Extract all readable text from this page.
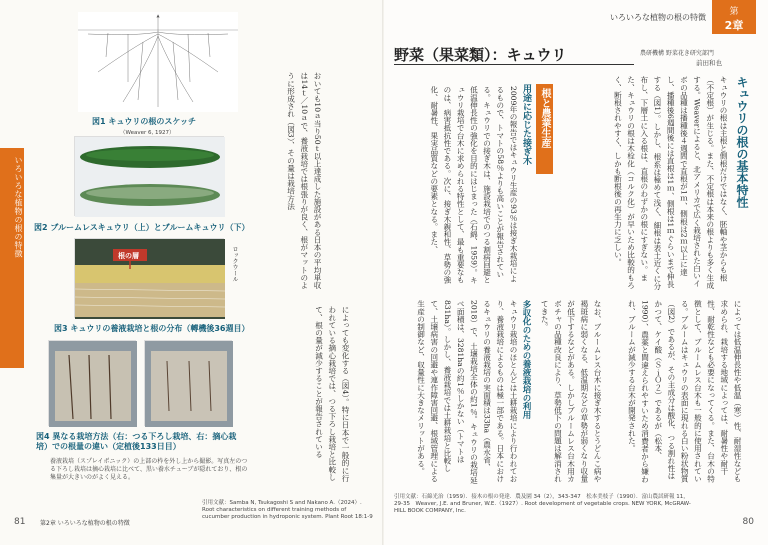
いろいろな植物の根の特徴
▲
図1 キュウリの根のスケッチ
（Weaver 6, 1927）
図2 ブルームレスキュウリ（上）とブルームキュウリ（下）
根の層	ロックウール
図3 キュウリの養液栽培と根の分布（轉機後36週目）
図4 異なる栽培方法（右：つる下ろし栽培、右：摘心栽培）での根量の違い（定植後133日目）
養液栽培（スプレイポニック）の上部の枠を外し上から撮影。写真左のつる下ろし栽培は摘心栽培に比べて、黒い養水チューブが隠れており、根の集量が大きいのがよく見える。
おいても10ａ当り50ｔ以上達成した施設がある日本の平均単収は14ｔ／10ａで、養液栽培では根張りが良く、根がマットのように形成され（図3）、その量は栽培方法
によっても変化する（図4）。特に日本で一般的に行われている摘心栽培では、つる下ろし栽培と比較して、根の量が減少することが報告されている
引用文献：Samba N, Tsukagoshi S and Nakano A.（2024）. Root characteristics on different training methods of cucumber production in hydroponic system. Plant Root 18:1-9
81 第2章 いろいろな植物の根の特徴
いろいろな植物の根の特徴
第
2章
野菜（果菜類）：キュウリ	農研機構 野菜花き研究部門
前田和也
キュウリの根の基本特性
キュウリの根は主根と側根だけではなく、胚軸や茎からも根（不定根）が生じる。また、不定根は本来の根よりも多く生成する。Weaverによると、北アメリカで広く栽培された白いイボの品種は播種後４週間で直根が1ｍ、側根は2ｍ以上に達し、播種後6週間後には直根は1ｍ、側根は1ｍぐらいまで伸長する（図1）。しかし、根系は極めて浅く、細根は表土近くに分布し、下層土に入る根は、直根のわずかの根にすぎない。また、キュウリの根は木栓化（コルク化）が早いため比較的もろく、断根されやすく、しかも断根後の再生力に乏しい。
根と農業生産
用途に応じた接ぎ木
2009年の報告ではキュウリ生産の93％は接ぎ木栽培によるもので、トマトの58％よりも高いことが報告されている。キュウリでの接ぎ木は、施設栽培でのつる割病回避と低温伸長性の強化を目的にはじまった（石綿、1959）。キュウリ栽培で台木に求められる特性として、最も重要なものは、病害抵抗性である。次に、接ぎ木親和性、草勢の強化、耐暑性、果実品質などの要素となる。また、
によっては低温伸長性や低温（寒）性、耐湿性なども求められ、栽培する地域によっては、耐暑性や耐干性、耐乾性なども必要になってくる。また、台木の特徴として、ブルームレス台木も一般的に使用されている。ブルームはキュウリの表面に現れる白い粉状物質（図2）であるが、その主成分は酸化、つる割れ性はかつて、ケイ酸（ＳｉＯ２）であるが（松本、1990）、農薬と間違えられやすいため消費者から嫌われ、ブルームが減少する台木が開発された。
なお、ブルームレス台木に接ぎ木するとうどんこ病や褐斑病に弱くなる、低温期などの草勢が弱くなり収量が低下するなどがある。しかしブルームレス台木用カボチャの品種改良により、草勢低下の問題は解消されてきた。
多収化のための養液栽培の利用
キュウリ栽培のほとんどは土耕栽培により行われており、養液栽培によるものは極一部である。日本におけるキュウリの養液栽培の実面積は33ha（農水省、2018）で、土壌栽培全体の約1％。キュウリの栽培延べ面積は、3281haの約1％しかない（トマトは831ha）。しかし、養液栽培では土耕栽培と比較して、土壌病害の回避や連作障害回避、根域管理による生産の制御など、収量性に大きなメリットがある。
引用文献：石綿光治（1959）．接木の根の発達．農及園 34（2），343-347　松本美枝子（1990）．富山農試研報 11，29-35　Weaver, J.E. and Bruner, W.E.（1927）. Root development of vegetable crops. NEW YORK, McGRAW-HILL BOOK COMPANY, Inc.
80
